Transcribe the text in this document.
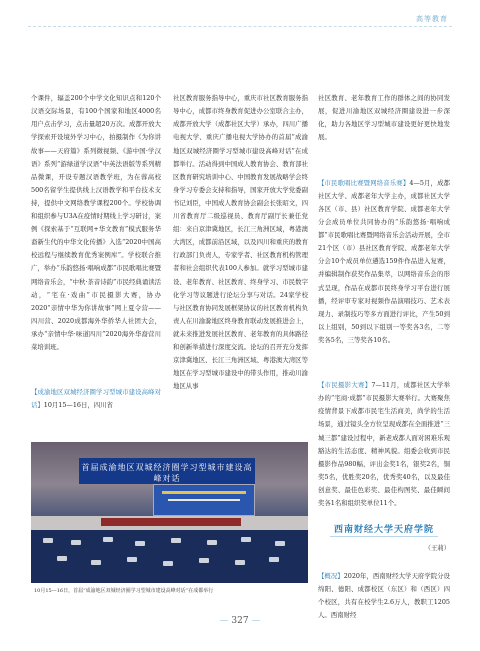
高等教育

个课件，辐盖200个中学文化知识点和120个汉语交际场景，有100个国家和地区4000名用户点击学习，点击量超20万次。成都开放大学探索开设境外学习中心，拍摄制作《为你讲故事——天府篇》系列微视频、《游中国·学汉语》系列“游绿道学汉语”中英法语版等系列精品微课，开设专题汉语教学班，为在蓉高校500名留学生提供线上汉语教学和平台技术支持，提供中文网络教学课程200个。学校协调和组织参与U3A在疫情时期线上学习研讨，案例《探索基于“互联网+华文教育”模式服务华裔新生代的中华文化传播》入选“2020中国高校远程与继续教育优秀案例库”。学校联合推广，举办“乐韵悠扬·唱响成都”市民歌唱比赛暨网络音乐会，“中秋·茶音诗韵”市民经典诵读活动，“宅在·戏曲”市民摄影大赛，协办2020“亲情中华为你讲故事”网上夏令营——四川营、2020成都海外华侨华人社团大会，承办“亲情中华·味道四川”2020海外华裔营川菜培训班。

【成渝地区双城经济圈学习型城市建设高峰对话】10月15—16日，四川省

社区教育服务指导中心，重庆市社区教育服务指导中心，成都市终身教育促进办公室联合主办，成都开放大学（成都社区大学）承办，四川广播电视大学、重庆广播电视大学协办的首届“成渝地区双城经济圈学习型城市建设高峰对话”在成都举行。活动得到中国成人教育协会、教育部社区教育研究培训中心、中国教育发展战略学会终身学习专委会支持和指导，国家开放大学党委副书记刘臣，中国成人教育协会副会长张昭文，四川省教育厅二级巡视员、教育厅副厅长兼任党组：来自京津冀地区，长江三角洲区域，粤港澳大湾区，成都前沿区域，以及四川和重庆的教育行政部门负责人，专家学者、社区教育机构管理者和社会组织代表100人参加。就学习型城市建设、老年教育、社区教育、终身学习、市民数字化学习等议题进行论坛分享与对话。24家学校与社区教育协同发展框架协议的社区教育机构负责人在川渝滁地区终身教育联动发展推进会上，就未来推进发展社区教育、老年教育的具体路径和创新举措进行深度交流。论坛的召开充分发挥京津冀地区、长江三角洲区域、粤港澳大湾区等地区在学习型城市建设中的带头作用，推动川渝地区从事

社区教育、老年教育工作的群体之间的协同发展，促进川渝地区双城经济圈建设进一步深化，助力各地区学习型城市建设更好更快地发展。

【市民歌唱比赛暨网络音乐赛】4—5月，成都社区大学、成都老年大学主办，成都社区大学各区（市、县）社区教育学院、成都老年大学分会成员单位共同协办的“乐韵悠扬·唱响成都”市民歌唱比赛暨网络音乐会活动开展，全市21个区（市）县社区教育学院、成都老年大学分会10个成员单位遴选159件作品进入复赛，并编辑制作获奖作品集萃，以网络音乐会的形式呈现，作品在成都市民终身学习平台进行展播，经评审专家对视频作品演唱技巧、艺术表现力、录制技巧等多方面进行评比，产生50到以上组别，50到以下组别一等奖各3名，二等奖各5名，三等奖各10名。

【市民摄影大赛】7—11月，成都社区大学举办的“宅商·成都”市民摄影大赛举行。大赛聚焦疫情背景下成都市民宅生活商美，尚学的生活场景，通过镜头全方位呈现成都在全面推进“三城三都”建设过程中，新老成都人面对困难乐观豁达的生活态度、精神风貌。组委会收到市民摄影作品980幅，评出金奖1名，银奖2名，铜奖5名，优胜奖20名，优秀奖40名，以及最佳创意奖、最佳色彩奖、最佳构图奖、最佳瞬间奖各1名和组织奖单位11个。

（王莉）

首届成渝地区双城经济圈学习型城市建设高峰对话
10月15—16日，首届“成渝地区双城经济圈学习型城市建设高峰对话”在成都举行
西南财经大学天府学院

【概况】2020年，西南财经大学天府学院分设绵阳、德阳、成都校区（东区）和（西区）四个校区，共有在校学生2.6万人，教职工1205人。西南财经

— 327 —
